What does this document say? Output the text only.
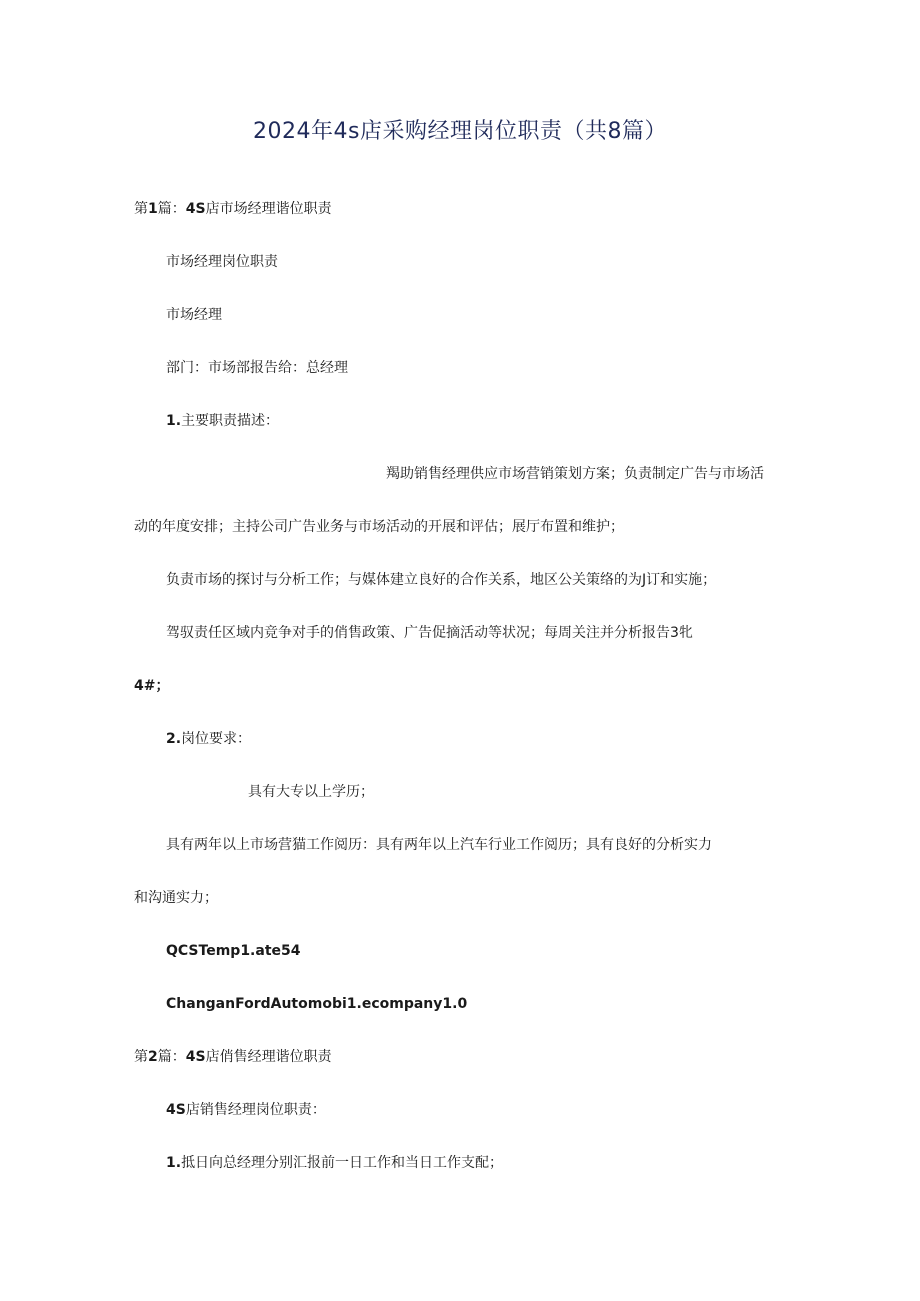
2024年4s店采购经理岗位职责（共8篇）
第1篇：4S店市场经理谐位职责
市场经理岗位职责
市场经理
部门：市场部报告给：总经理
1.主要职责描述：
羯助销售经理供应市场营销策划方案；负责制定广告与市场活
动的年度安排；主持公司广告业务与市场活动的开展和评估；展厅布置和维护；
负责市场的探讨与分析工作；与媒体建立良好的合作关系，地区公关策络的为J订和实施；
驾驭责任区域内竞争对手的俏售政策、广告促摘活动等状况；每周关注并分析报告3牝
4#；
2.岗位要求：
具有大专以上学历；
具有两年以上市场营猫工作阅历：具有两年以上汽车行业工作阅历；具有良好的分析实力
和沟通实力；
QCSTemp1.ate54
ChanganFordAutomobi1.ecompany1.0
第2篇：4S店俏售经理谐位职责
4S店销售经理岗位职责：
1.抵日向总经理分别汇报前一日工作和当日工作支配；
